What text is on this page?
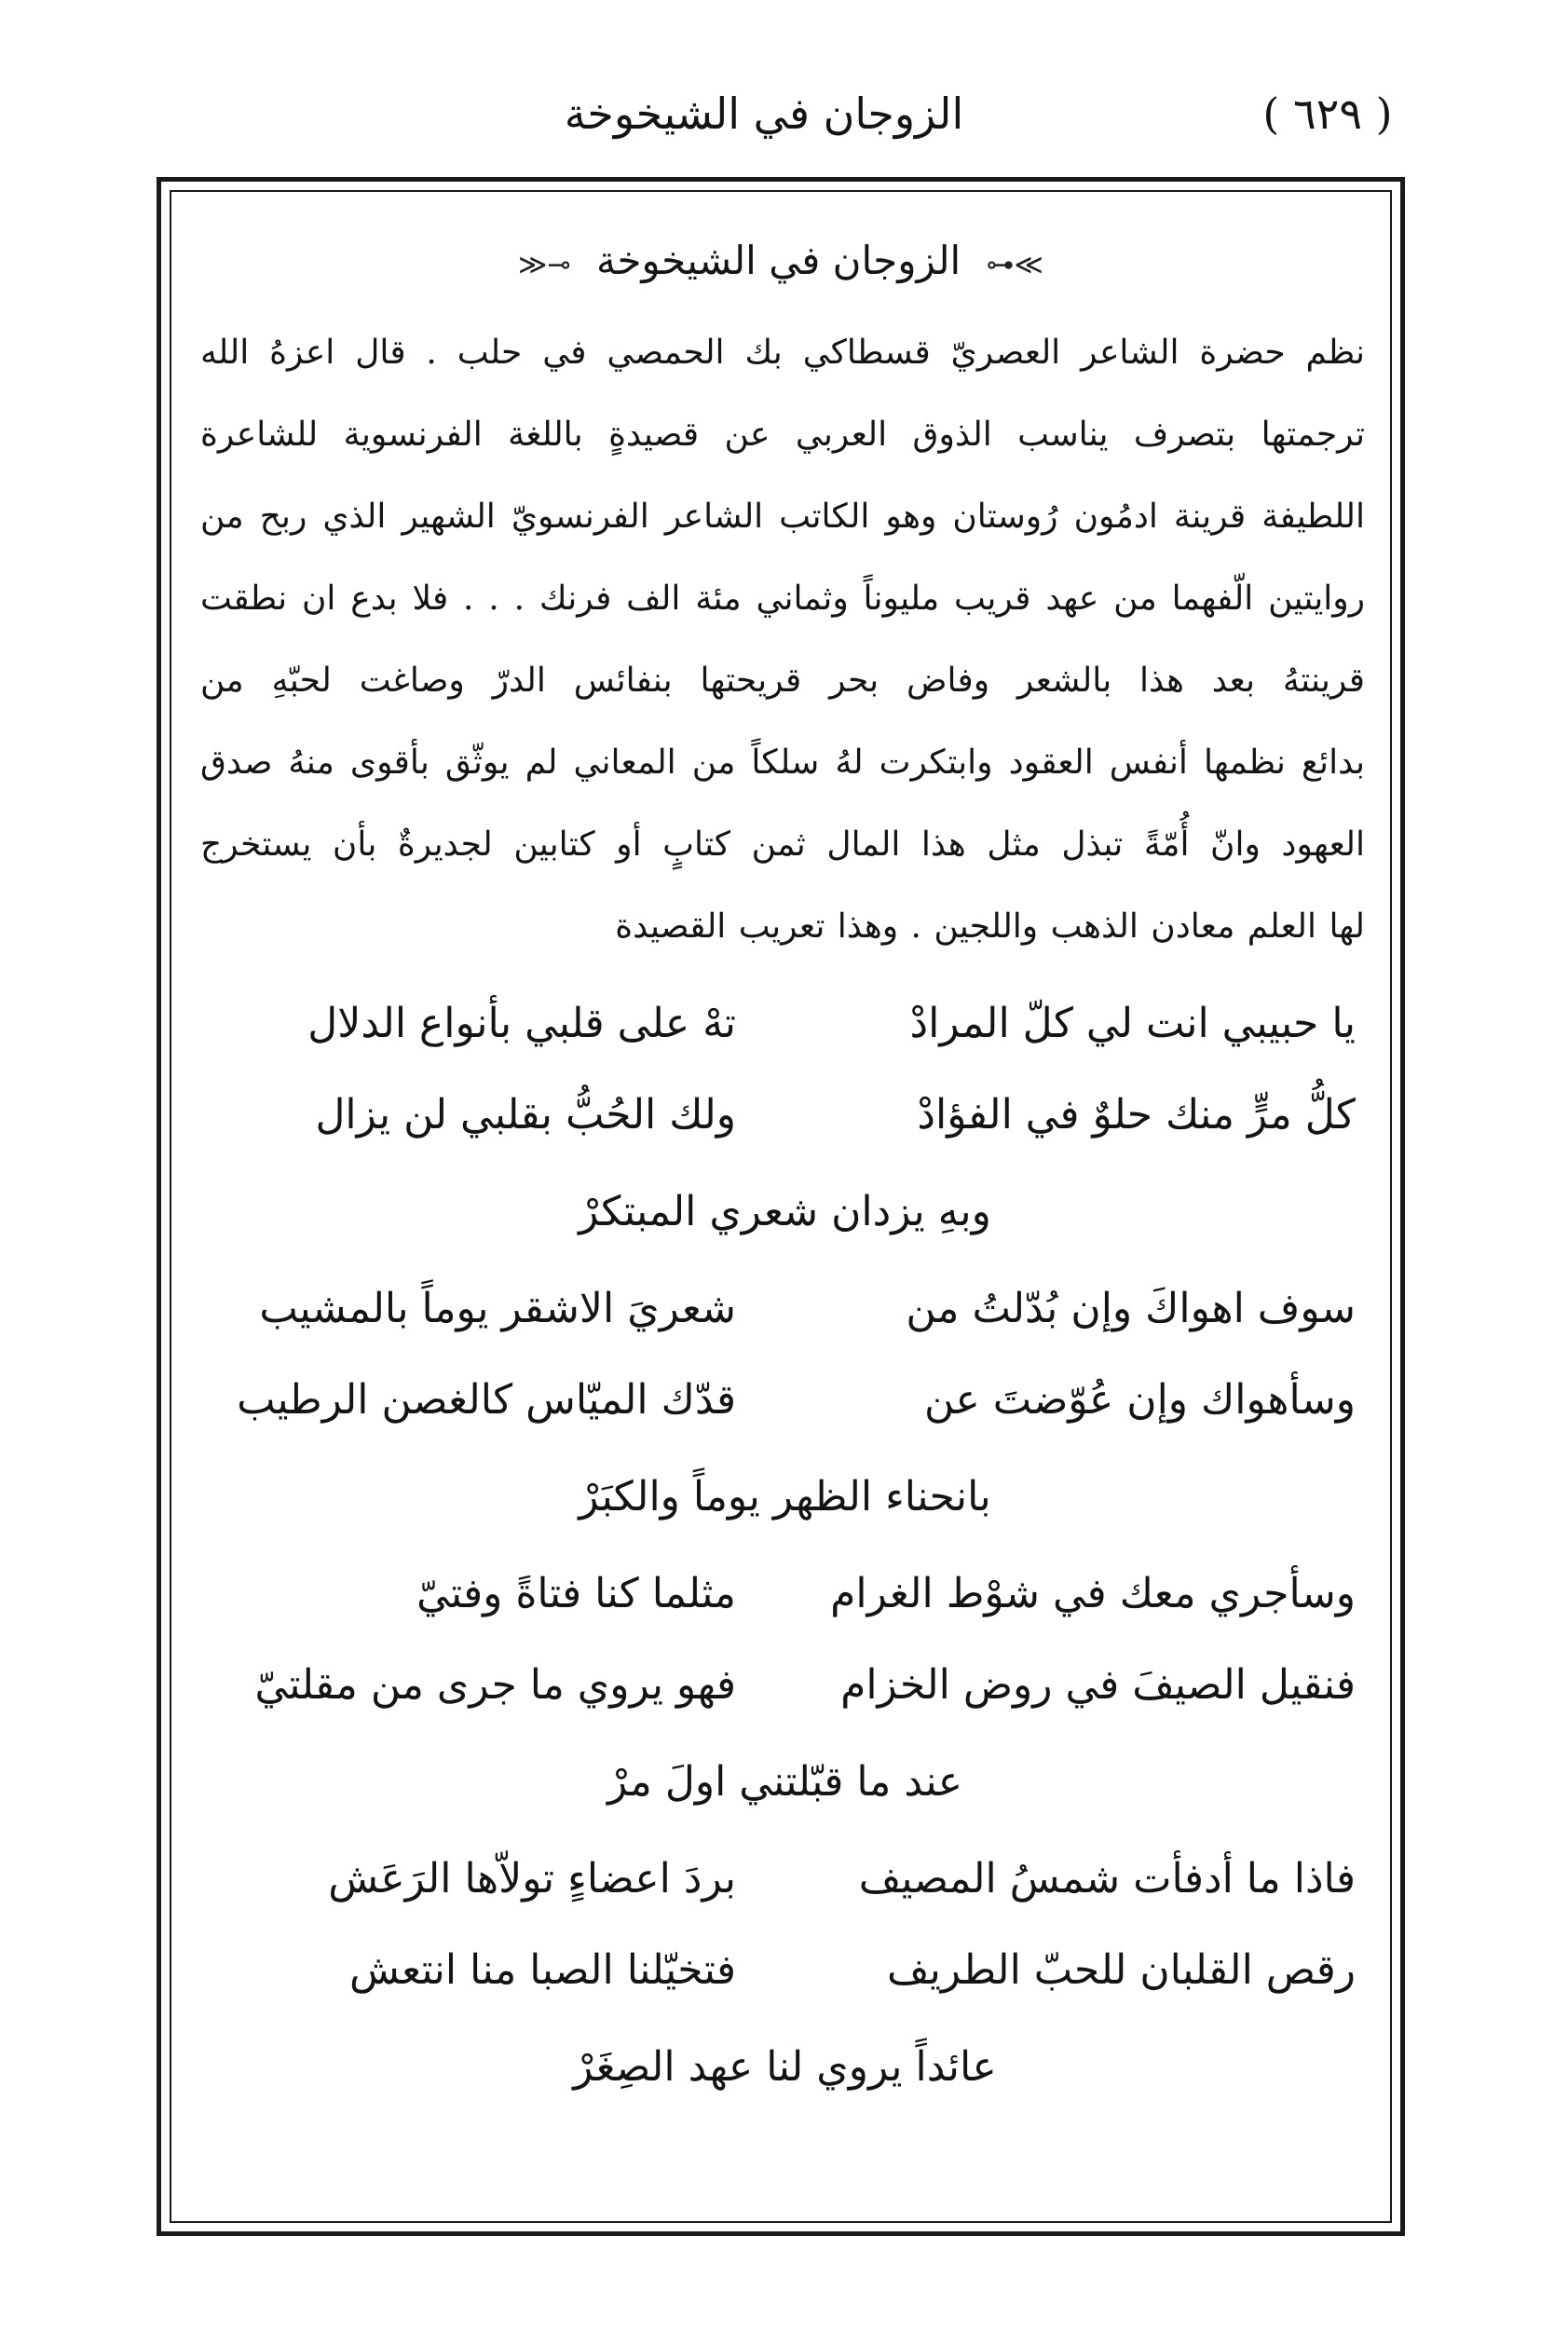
( ٦٢٩ )
الزوجان في الشيخوخة
≫⊷ الزوجان في الشيخوخة ⊸≪
نظم حضرة الشاعر العصريّ قسطاكي بك الحمصي في حلب . قال اعزهُ الله
ترجمتها بتصرف يناسب الذوق العربي عن قصيدةٍ باللغة الفرنسوية للشاعرة
اللطيفة قرينة ادمُون رُوستان وهو الكاتب الشاعر الفرنسويّ الشهير الذي ربح من
روايتين الّفهما من عهد قريب مليوناً وثماني مئة الف فرنك . . . فلا بدع ان نطقت
قرينتهُ بعد هذا بالشعر وفاض بحر قريحتها بنفائس الدرّ وصاغت لحبّهِ من
بدائع نظمها أنفس العقود وابتكرت لهُ سلكاً من المعاني لم يوثّق بأقوى منهُ صدق
العهود وانّ أُمّةً تبذل مثل هذا المال ثمن كتابٍ أو كتابين لجديرةٌ بأن يستخرج
لها العلم معادن الذهب واللجين . وهذا تعريب القصيدة
يا حبيبي انت لي كلّ المرادْ
تهْ على قلبي بأنواع الدلال
كلُّ مرٍّ منك حلوٌ في الفؤادْ
ولك الحُبُّ بقلبي لن يزال
وبهِ يزدان شعري المبتكرْ
سوف اهواكَ وإن بُدّلتُ من
شعريَ الاشقر يوماً بالمشيب
وسأهواك وإن عُوّضتَ عن
قدّك الميّاس كالغصن الرطيب
بانحناء الظهر يوماً والكبَرْ
وسأجري معك في شوْط الغرام
مثلما كنا فتاةً وفتيّ
فنقيل الصيفَ في روض الخزام
فهو يروي ما جرى من مقلتيّ
عند ما قبّلتني اولَ مرْ
فاذا ما أدفأت شمسُ المصيف
بردَ اعضاءٍ تولاّها الرَعَش
رقص القلبان للحبّ الطريف
فتخيّلنا الصبا منا انتعش
عائداً يروي لنا عهد الصِغَرْ
